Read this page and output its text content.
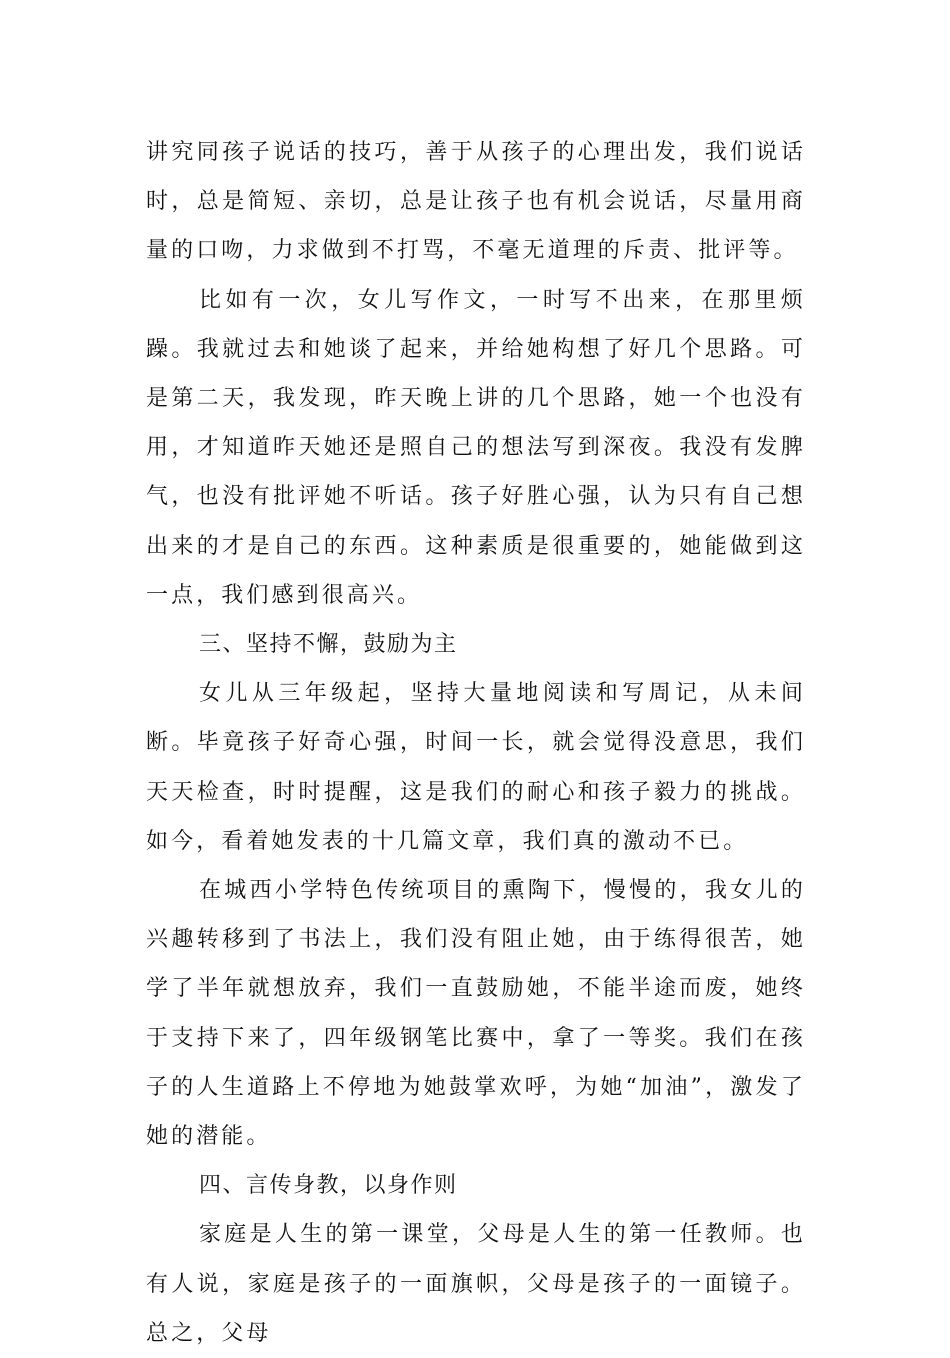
讲究同孩子说话的技巧，善于从孩子的心理出发，我们说话时，总是简短、亲切，总是让孩子也有机会说话，尽量用商量的口吻，力求做到不打骂，不毫无道理的斥责、批评等。

比如有一次，女儿写作文，一时写不出来，在那里烦躁。我就过去和她谈了起来，并给她构想了好几个思路。可是第二天，我发现，昨天晚上讲的几个思路，她一个也没有用，才知道昨天她还是照自己的想法写到深夜。我没有发脾气，也没有批评她不听话。孩子好胜心强，认为只有自己想出来的才是自己的东西。这种素质是很重要的，她能做到这一点，我们感到很高兴。

三、坚持不懈，鼓励为主

女儿从三年级起，坚持大量地阅读和写周记，从未间断。毕竟孩子好奇心强，时间一长，就会觉得没意思，我们天天检查，时时提醒，这是我们的耐心和孩子毅力的挑战。如今，看着她发表的十几篇文章，我们真的激动不已。

在城西小学特色传统项目的熏陶下，慢慢的，我女儿的兴趣转移到了书法上，我们没有阻止她，由于练得很苦，她学了半年就想放弃，我们一直鼓励她，不能半途而废，她终于支持下来了，四年级钢笔比赛中，拿了一等奖。我们在孩子的人生道路上不停地为她鼓掌欢呼，为她“加油”，激发了她的潜能。

四、言传身教，以身作则

家庭是人生的第一课堂，父母是人生的第一任教师。也有人说，家庭是孩子的一面旗帜，父母是孩子的一面镜子。总之，父母
